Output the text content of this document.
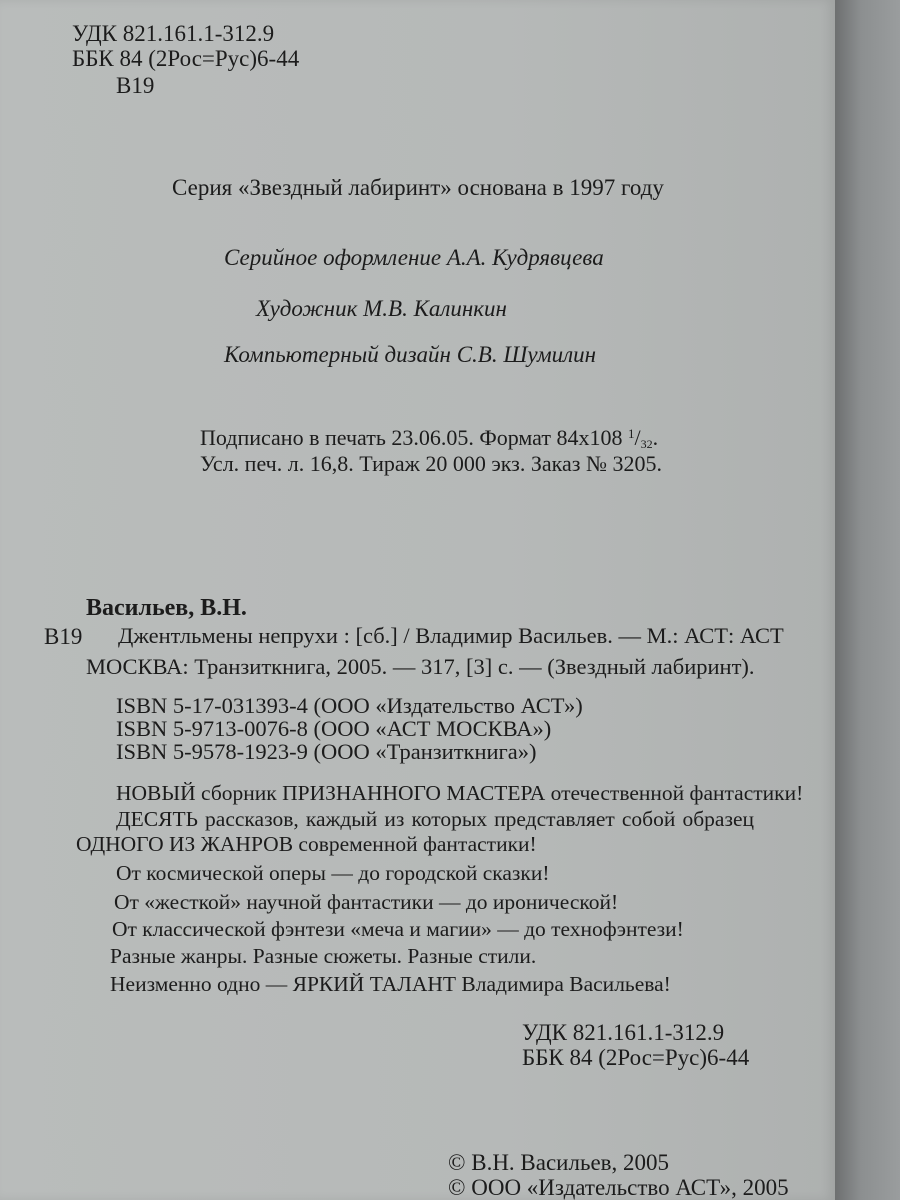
УДК 821.161.1-312.9
ББК 84 (2Рос=Рус)6-44
В19
Серия «Звездный лабиринт» основана в 1997 году
Серийное оформление А.А. Кудрявцева
Художник М.В. Калинкин
Компьютерный дизайн С.В. Шумилин
Подписано в печать 23.06.05. Формат 84х108 $^1/_{32}$.
Усл. печ. л. 16,8. Тираж 20 000 экз. Заказ № 3205.
Васильев, В.Н.
В19 Джентльмены непрухи : [сб.] / Владимир Васильев. — М.: АСТ: АСТ
МОСКВА: Транзиткнига, 2005. — 317, [3] с. — (Звездный лабиринт).
ISBN 5-17-031393-4 (ООО «Издательство АСТ»)
ISBN 5-9713-0076-8 (ООО «АСТ МОСКВА»)
ISBN 5-9578-1923-9 (ООО «Транзиткнига»)
НОВЫЙ сборник ПРИЗНАННОГО МАСТЕРА отечественной фантастики!
ДЕСЯТЬ рассказов, каждый из которых представляет собой образец
ОДНОГО ИЗ ЖАНРОВ современной фантастики!
От космической оперы — до городской сказки!
От «жесткой» научной фантастики — до иронической!
От классической фэнтези «меча и магии» — до технофэнтези!
Разные жанры. Разные сюжеты. Разные стили.
Неизменно одно — ЯРКИЙ ТАЛАНТ Владимира Васильева!
УДК 821.161.1-312.9
ББК 84 (2Рос=Рус)6-44
© В.Н. Васильев, 2005
© ООО «Издательство АСТ», 2005
